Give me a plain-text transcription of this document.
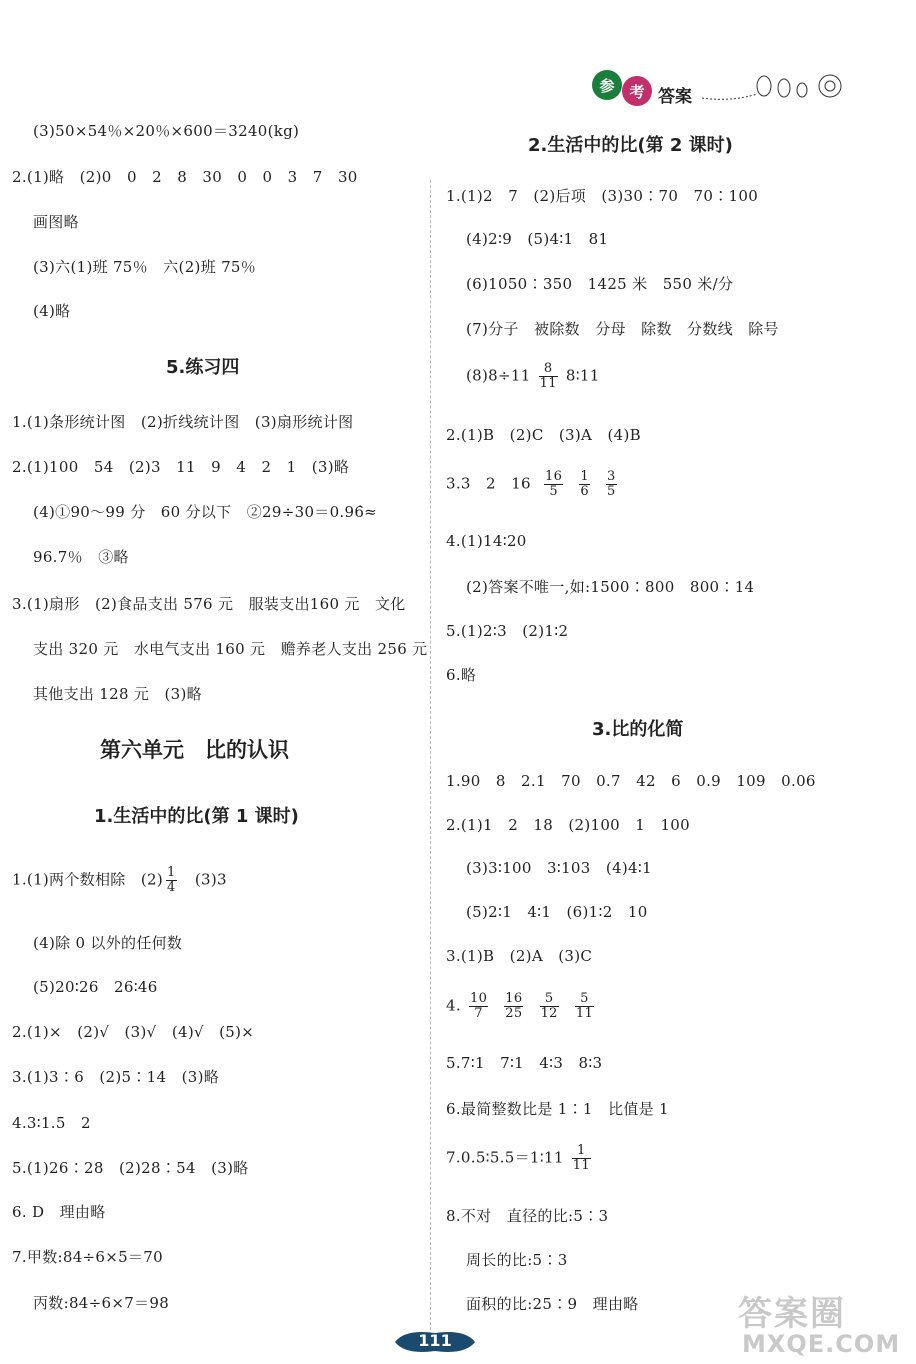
参 考 答案
(3)50×54％×20％×600＝3240(kg)
2.(1)略　(2)0　0　2　8　30　0　0　3　7　30
画图略
(3)六(1)班 75％　六(2)班 75％
(4)略
5.练习四
1.(1)条形统计图　(2)折线统计图　(3)扇形统计图
2.(1)100　54　(2)3　11　9　4　2　1　(3)略
(4)①90～99 分　60 分以下　②29÷30＝0.96̇≈
96.7％　③略
3.(1)扇形　(2)食品支出 576 元　服装支出160 元　文化
支出 320 元　水电气支出 160 元　赡养老人支出 256 元
其他支出 128 元　(3)略
第六单元　比的认识
1.生活中的比(第 1 课时)
1.(1)两个数相除　$(2) \frac{1}{4}$ 　(3)3
(4)除 0 以外的任何数
(5)20∶26　26∶46
2.(1)×　(2)√　(3)√　(4)√　(5)×
3.(1)3∶6　(2)5∶14　(3)略
4.3∶1.5　2
5.(1)26∶28　(2)28∶54　(3)略
6. D　理由略
7.甲数:84÷6×5＝70
丙数:84÷6×7＝98
2.生活中的比(第 2 课时)
1.(1)2　7　(2)后项　(3)30∶70　70∶100
(4)2∶9　(5)4∶1　81
(6)1050∶350　1425 米　550 米/分
(7)分子　被除数　分母　除数　分数线　除号
$(8)8\div 11 \frac{8}{11}$ 8∶11
2.(1)B　(2)C　(3)A　(4)B
3.3　2　$16 \frac{16}{5}$
$\frac{1}{6}$
$\frac{3}{5}$
4.(1)14∶20
(2)答案不唯一,如:1500∶800　800∶14
5.(1)2∶3　(2)1∶2
6.略
3.比的化简
1.90　8　2.1　70　0.7　42　6　0.9　109　0.06
2.(1)1　2　18　(2)100　1　100
(3)3∶100　3∶103　(4)4∶1
(5)2∶1　4∶1　(6)1∶2　10
3.(1)B　(2)A　(3)C
4. $\frac{10}{7}$
$\frac{16}{25}$
$\frac{5}{12}$
$\frac{5}{11}$
5.7∶1　7∶1　4∶3　8∶3
6.最简整数比是 1∶1　比值是 1
7.0.5∶5.5＝1∶11 $\frac{1}{11}$
8.不对　直径的比:5∶3
周长的比:5∶3
面积的比:25∶9　理由略
111
答案圈
MXQE.COM
